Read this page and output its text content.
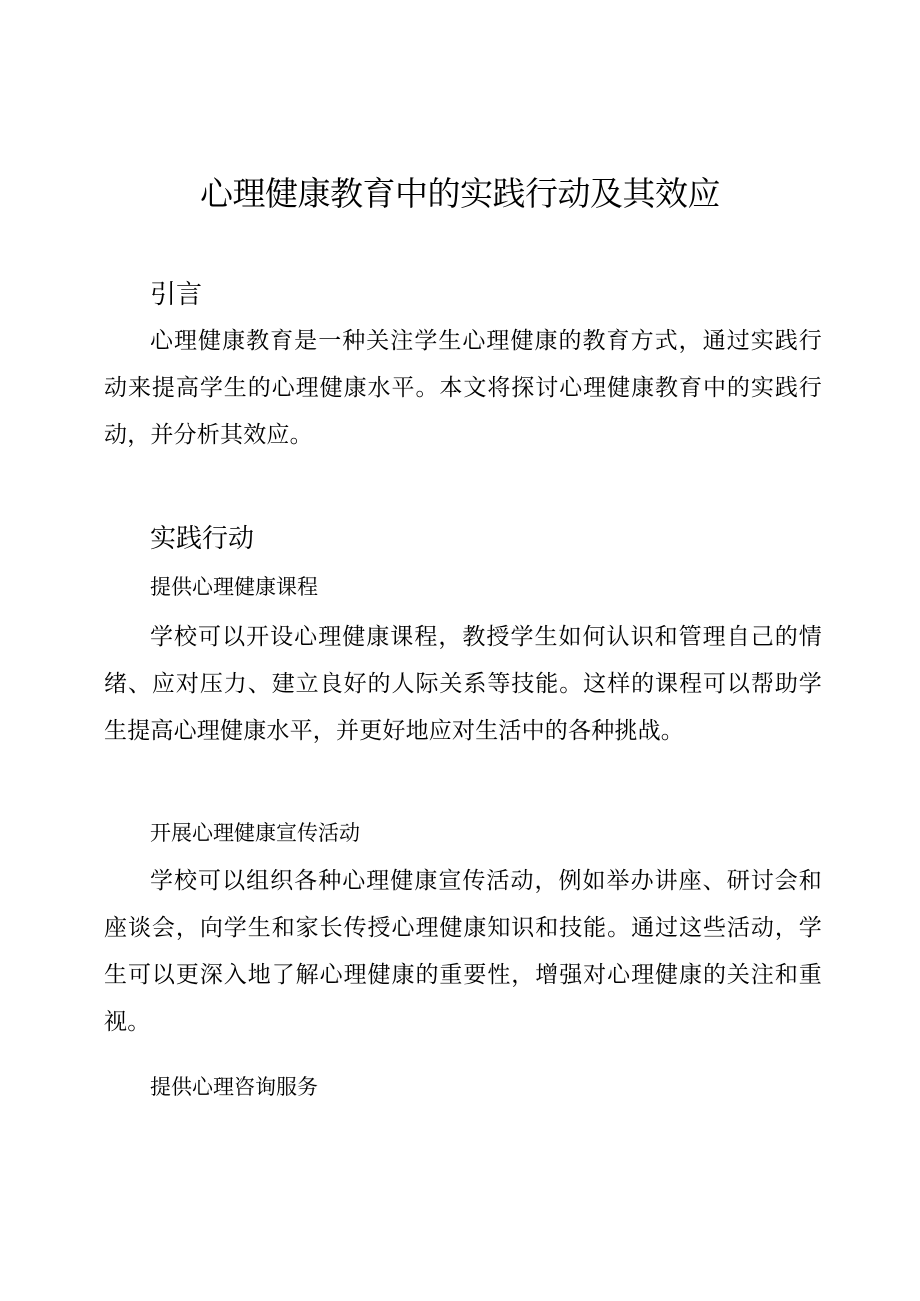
心理健康教育中的实践行动及其效应
引言
心理健康教育是一种关注学生心理健康的教育方式，通过实践行动来提高学生的心理健康水平。本文将探讨心理健康教育中的实践行动，并分析其效应。
实践行动
提供心理健康课程
学校可以开设心理健康课程，教授学生如何认识和管理自己的情绪、应对压力、建立良好的人际关系等技能。这样的课程可以帮助学生提高心理健康水平，并更好地应对生活中的各种挑战。
开展心理健康宣传活动
学校可以组织各种心理健康宣传活动，例如举办讲座、研讨会和座谈会，向学生和家长传授心理健康知识和技能。通过这些活动，学生可以更深入地了解心理健康的重要性，增强对心理健康的关注和重视。
提供心理咨询服务
